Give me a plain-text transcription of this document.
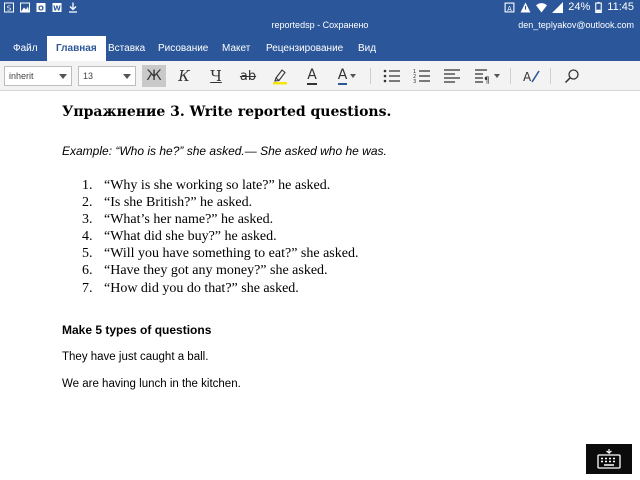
S	O W	A	24% 11:45
reportedsp - Сохранено	den_teplyakov@outlook.com
Файл	Главная	Вставка Рисование Макет Рецензирование Вид
inherit	13	Ж К Ч ab	A A	1
2
3	¶	A
Упражнение 3. Write reported questions.
Example: “Who is he?” she asked.— She asked who he was.
1. “Why is she working so late?” he asked.
2. “Is she British?” he asked.
3. “What’s her name?” he asked.
4. “What did she buy?” he asked.
5. “Will you have something to eat?” she asked.
6. “Have they got any money?” she asked.
7. “How did you do that?” she asked.
Make 5 types of questions
They have just caught a ball.
We are having lunch in the kitchen.
